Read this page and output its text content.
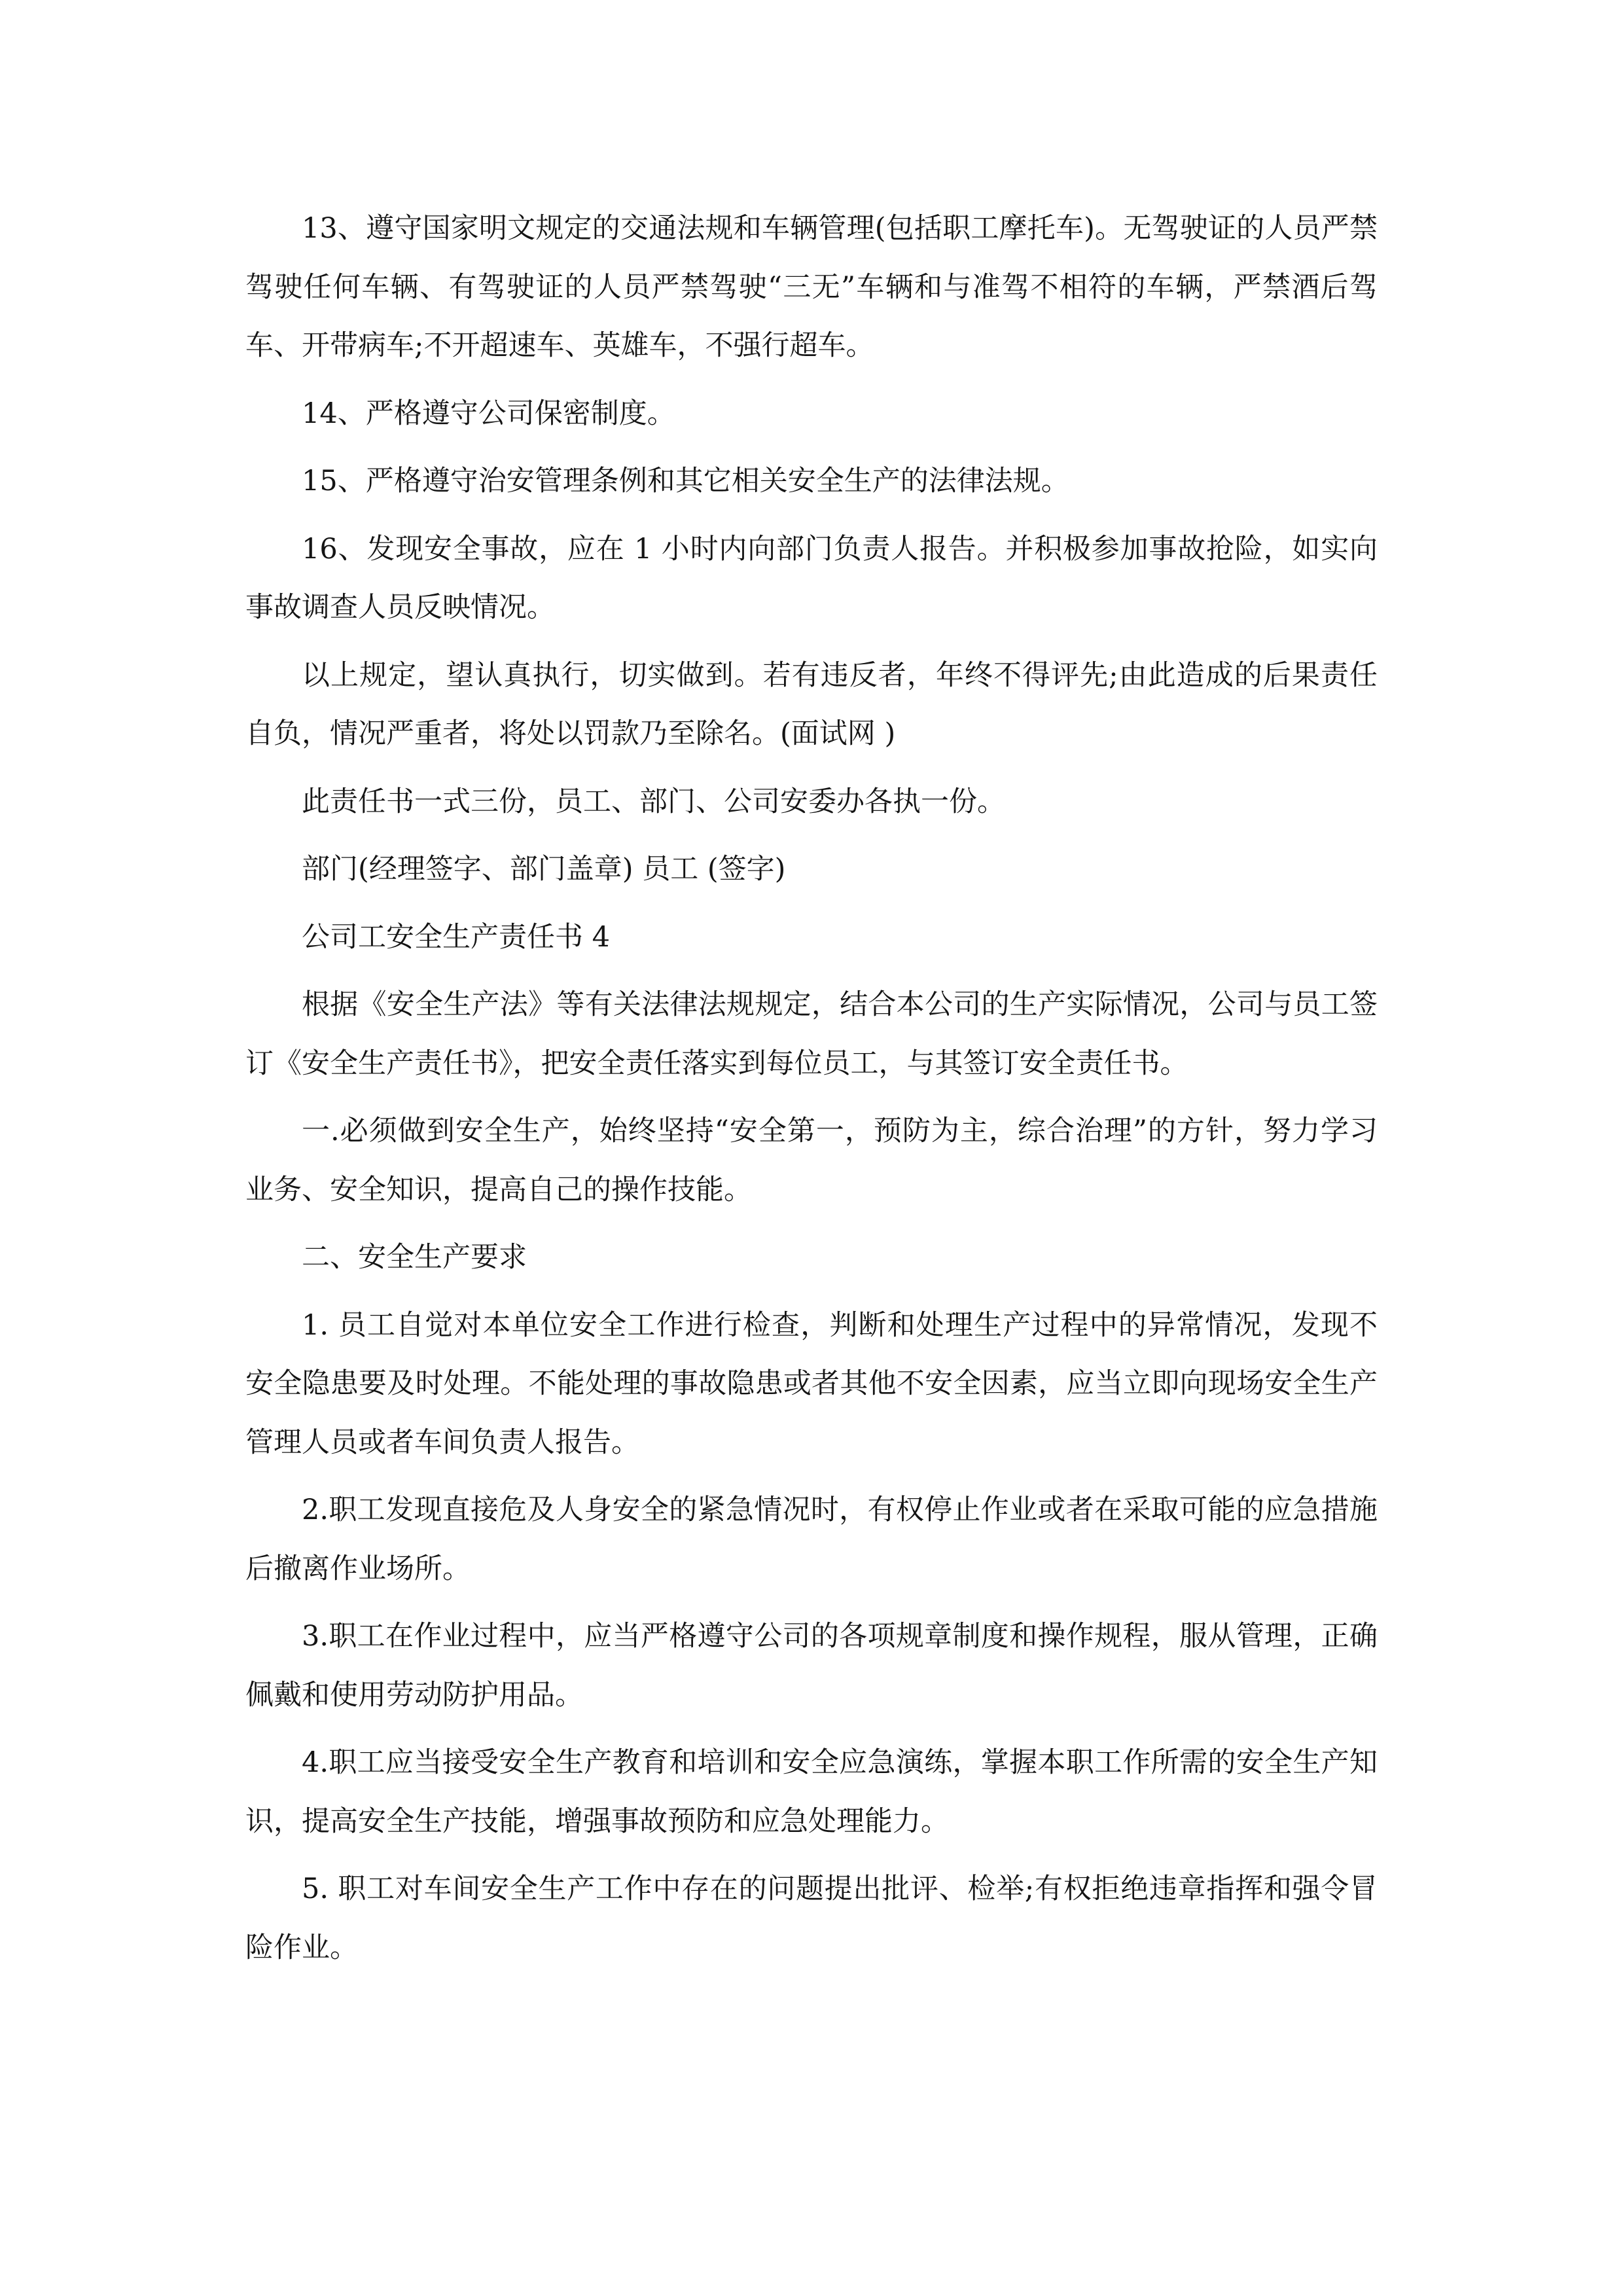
13、遵守国家明文规定的交通法规和车辆管理(包括职工摩托车)。无驾驶证的人员严禁驾驶任何车辆、有驾驶证的人员严禁驾驶“三无”车辆和与准驾不相符的车辆，严禁酒后驾车、开带病车;不开超速车、英雄车，不强行超车。

14、严格遵守公司保密制度。

15、严格遵守治安管理条例和其它相关安全生产的法律法规。

16、发现安全事故，应在 1 小时内向部门负责人报告。并积极参加事故抢险，如实向事故调查人员反映情况。

以上规定，望认真执行，切实做到。若有违反者，年终不得评先;由此造成的后果责任自负，情况严重者，将处以罚款乃至除名。(面试网 )

此责任书一式三份，员工、部门、公司安委办各执一份。

部门(经理签字、部门盖章) 员工 (签字)

公司工安全生产责任书 4

根据《安全生产法》等有关法律法规规定，结合本公司的生产实际情况，公司与员工签订《安全生产责任书》，把安全责任落实到每位员工，与其签订安全责任书。

一.必须做到安全生产，始终坚持“安全第一，预防为主，综合治理”的方针，努力学习业务、安全知识，提高自己的操作技能。

二、安全生产要求

1. 员工自觉对本单位安全工作进行检查，判断和处理生产过程中的异常情况，发现不安全隐患要及时处理。不能处理的事故隐患或者其他不安全因素，应当立即向现场安全生产管理人员或者车间负责人报告。

2.职工发现直接危及人身安全的紧急情况时，有权停止作业或者在采取可能的应急措施后撤离作业场所。

3.职工在作业过程中，应当严格遵守公司的各项规章制度和操作规程，服从管理，正确佩戴和使用劳动防护用品。

4.职工应当接受安全生产教育和培训和安全应急演练，掌握本职工作所需的安全生产知识，提高安全生产技能，增强事故预防和应急处理能力。

5. 职工对车间安全生产工作中存在的问题提出批评、检举;有权拒绝违章指挥和强令冒险作业。
